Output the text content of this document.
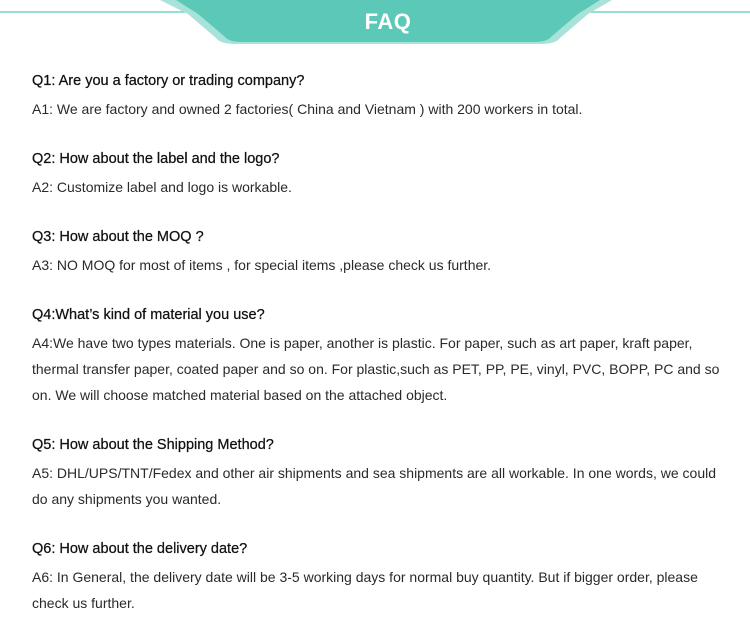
FAQ

Q1: Are you a factory or trading company?

A1: We are factory and owned 2 factories( China and Vietnam ) with 200 workers in total.

Q2: How about the label and the logo?

A2: Customize label and logo is workable.

Q3: How about the MOQ ?

A3: NO MOQ for most of items , for special items ,please check us further.

Q4:What’s kind of material you use?

A4:We have two types materials. One is paper, another is plastic. For paper, such as art paper, kraft paper, thermal transfer paper, coated paper and so on. For plastic,such as PET, PP, PE, vinyl, PVC, BOPP, PC and so on. We will choose matched material based on the attached object.

Q5: How about the Shipping Method?

A5: DHL/UPS/TNT/Fedex and other air shipments and sea shipments are all workable. In one words, we could do any shipments you wanted.

Q6: How about the delivery date?

A6: In General, the delivery date will be 3-5 working days for normal buy quantity. But if bigger order, please check us further.
